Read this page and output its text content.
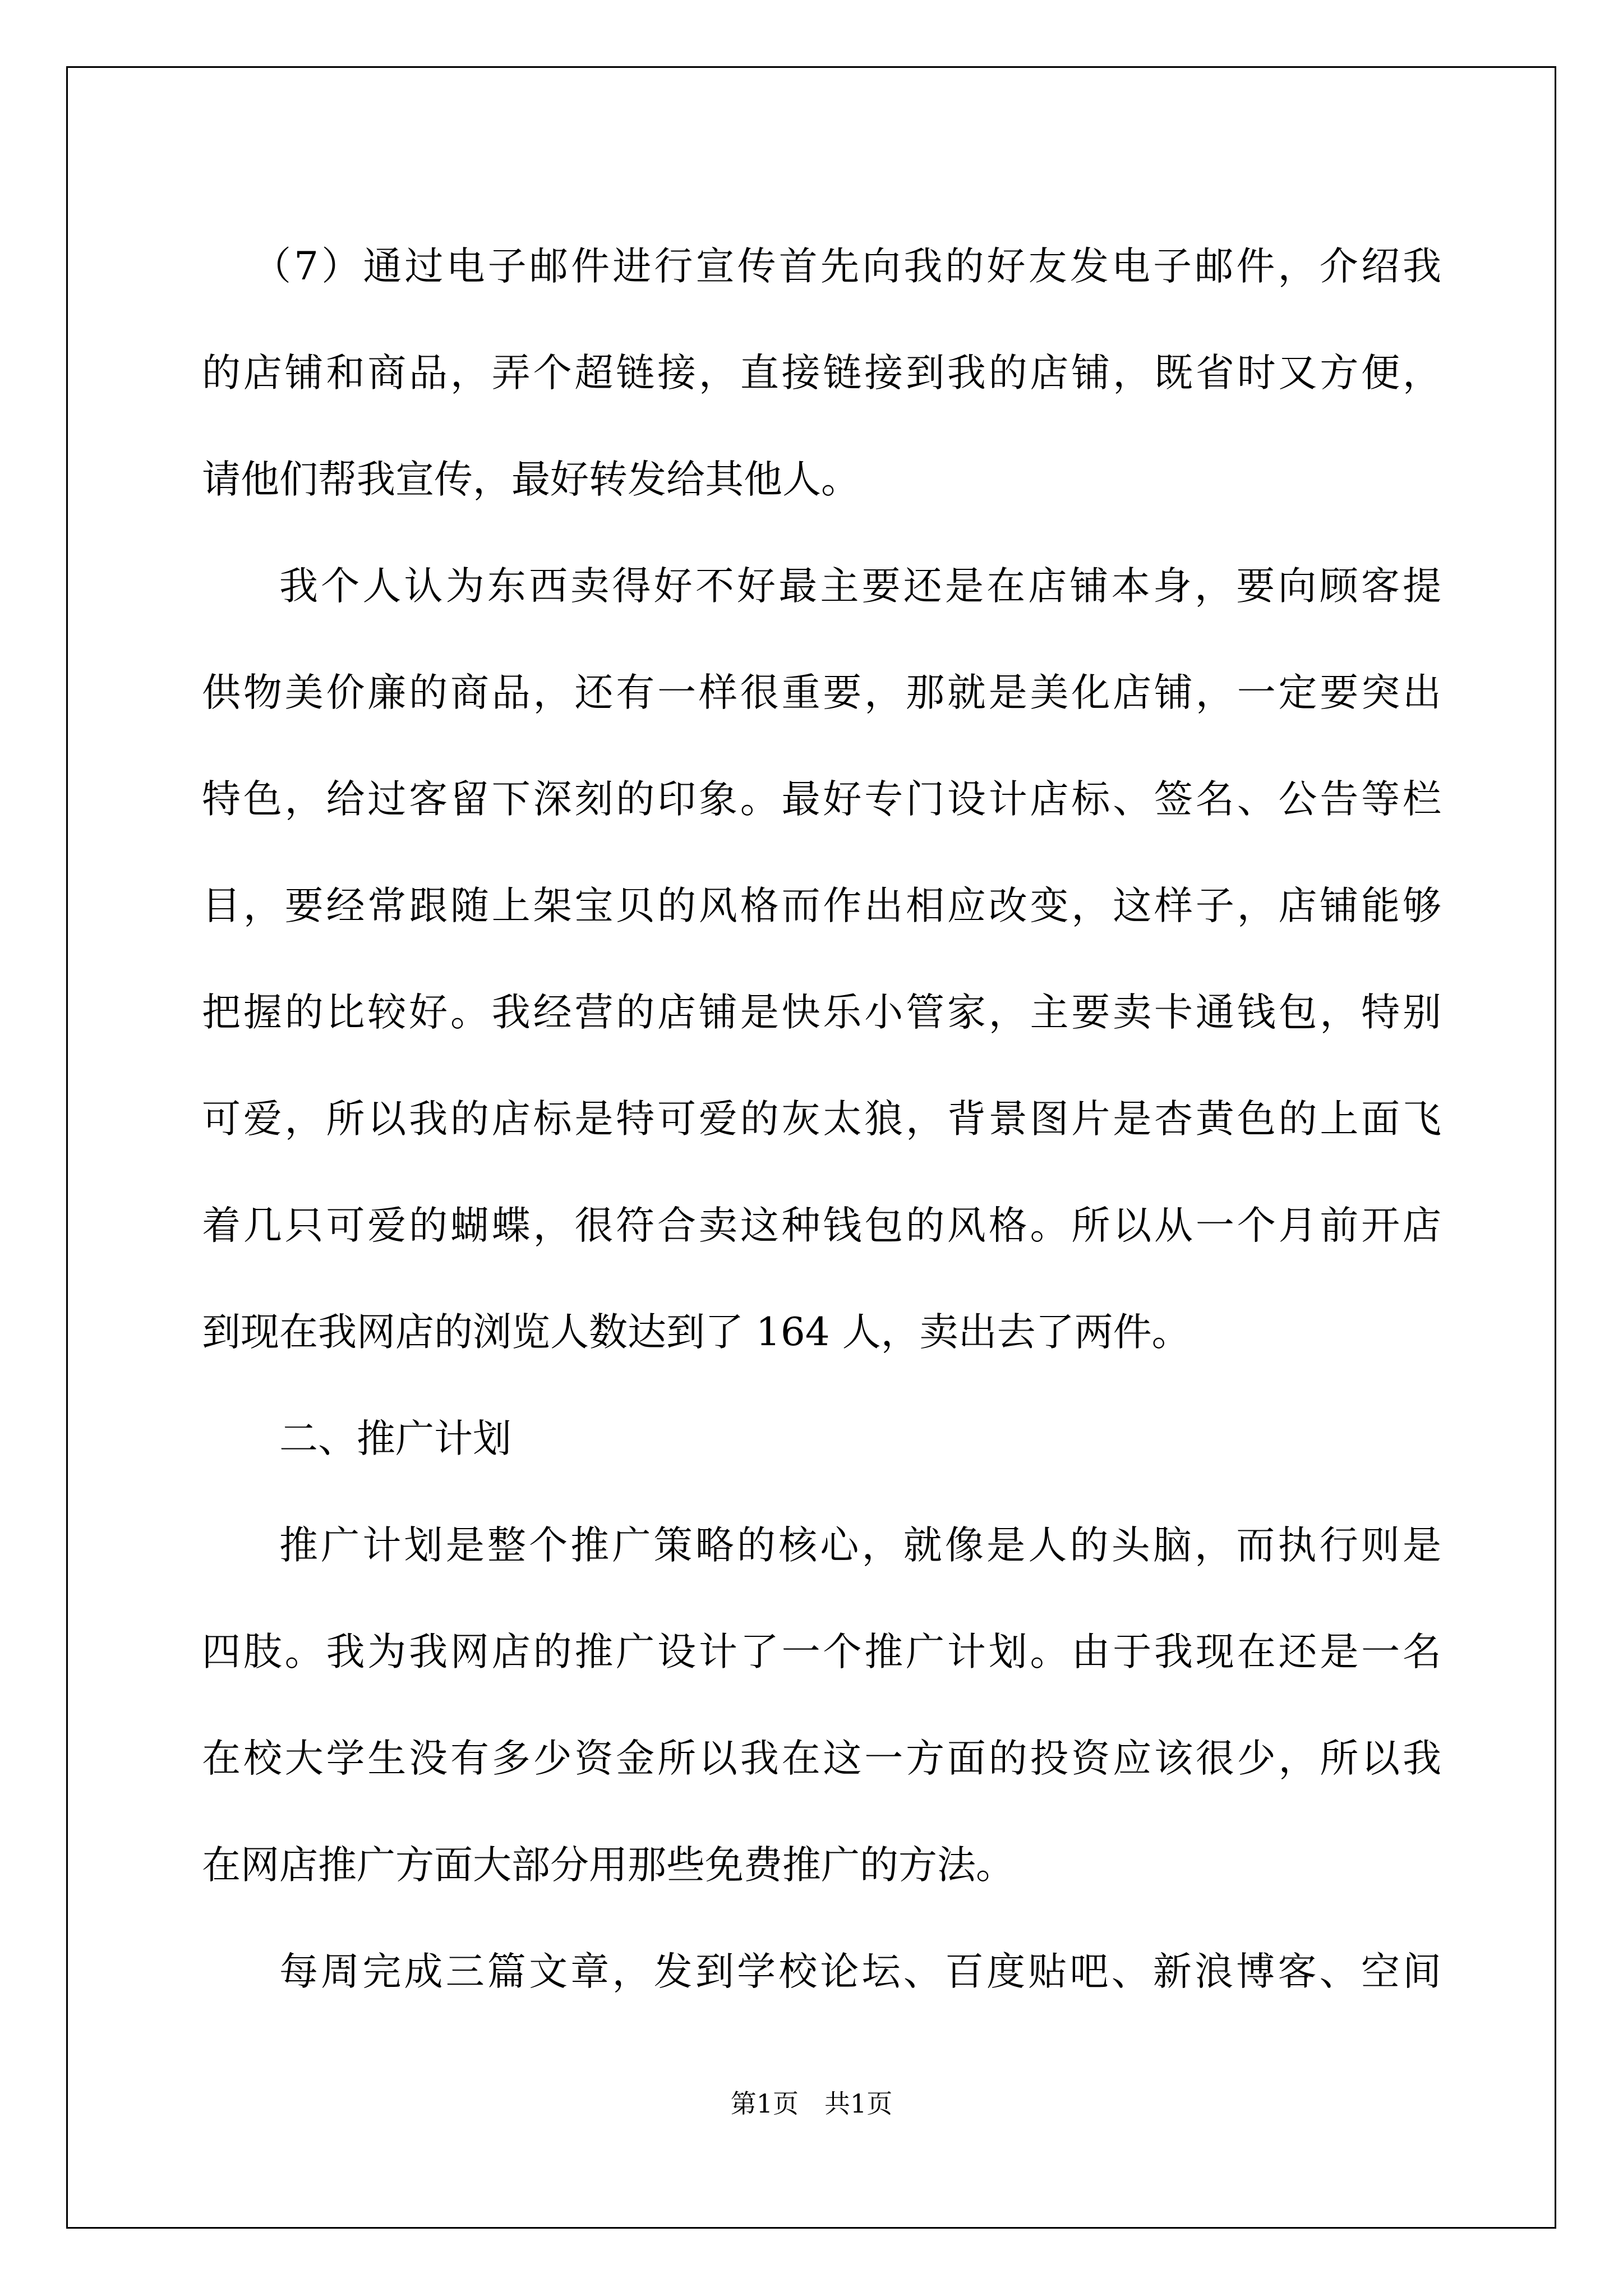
（7）通过电子邮件进行宣传首先向我的好友发电子邮件，介绍我
的店铺和商品，弄个超链接，直接链接到我的店铺，既省时又方便，
请他们帮我宣传，最好转发给其他人。
我个人认为东西卖得好不好最主要还是在店铺本身，要向顾客提
供物美价廉的商品，还有一样很重要，那就是美化店铺，一定要突出
特色，给过客留下深刻的印象。最好专门设计店标、签名、公告等栏
目，要经常跟随上架宝贝的风格而作出相应改变，这样子，店铺能够
把握的比较好。我经营的店铺是快乐小管家，主要卖卡通钱包，特别
可爱，所以我的店标是特可爱的灰太狼，背景图片是杏黄色的上面飞
着几只可爱的蝴蝶，很符合卖这种钱包的风格。所以从一个月前开店
到现在我网店的浏览人数达到了 164 人，卖出去了两件。
二、推广计划
推广计划是整个推广策略的核心，就像是人的头脑，而执行则是
四肢。我为我网店的推广设计了一个推广计划。由于我现在还是一名
在校大学生没有多少资金所以我在这一方面的投资应该很少，所以我
在网店推广方面大部分用那些免费推广的方法。
每周完成三篇文章，发到学校论坛、百度贴吧、新浪博客、空间
第1页　共1页
